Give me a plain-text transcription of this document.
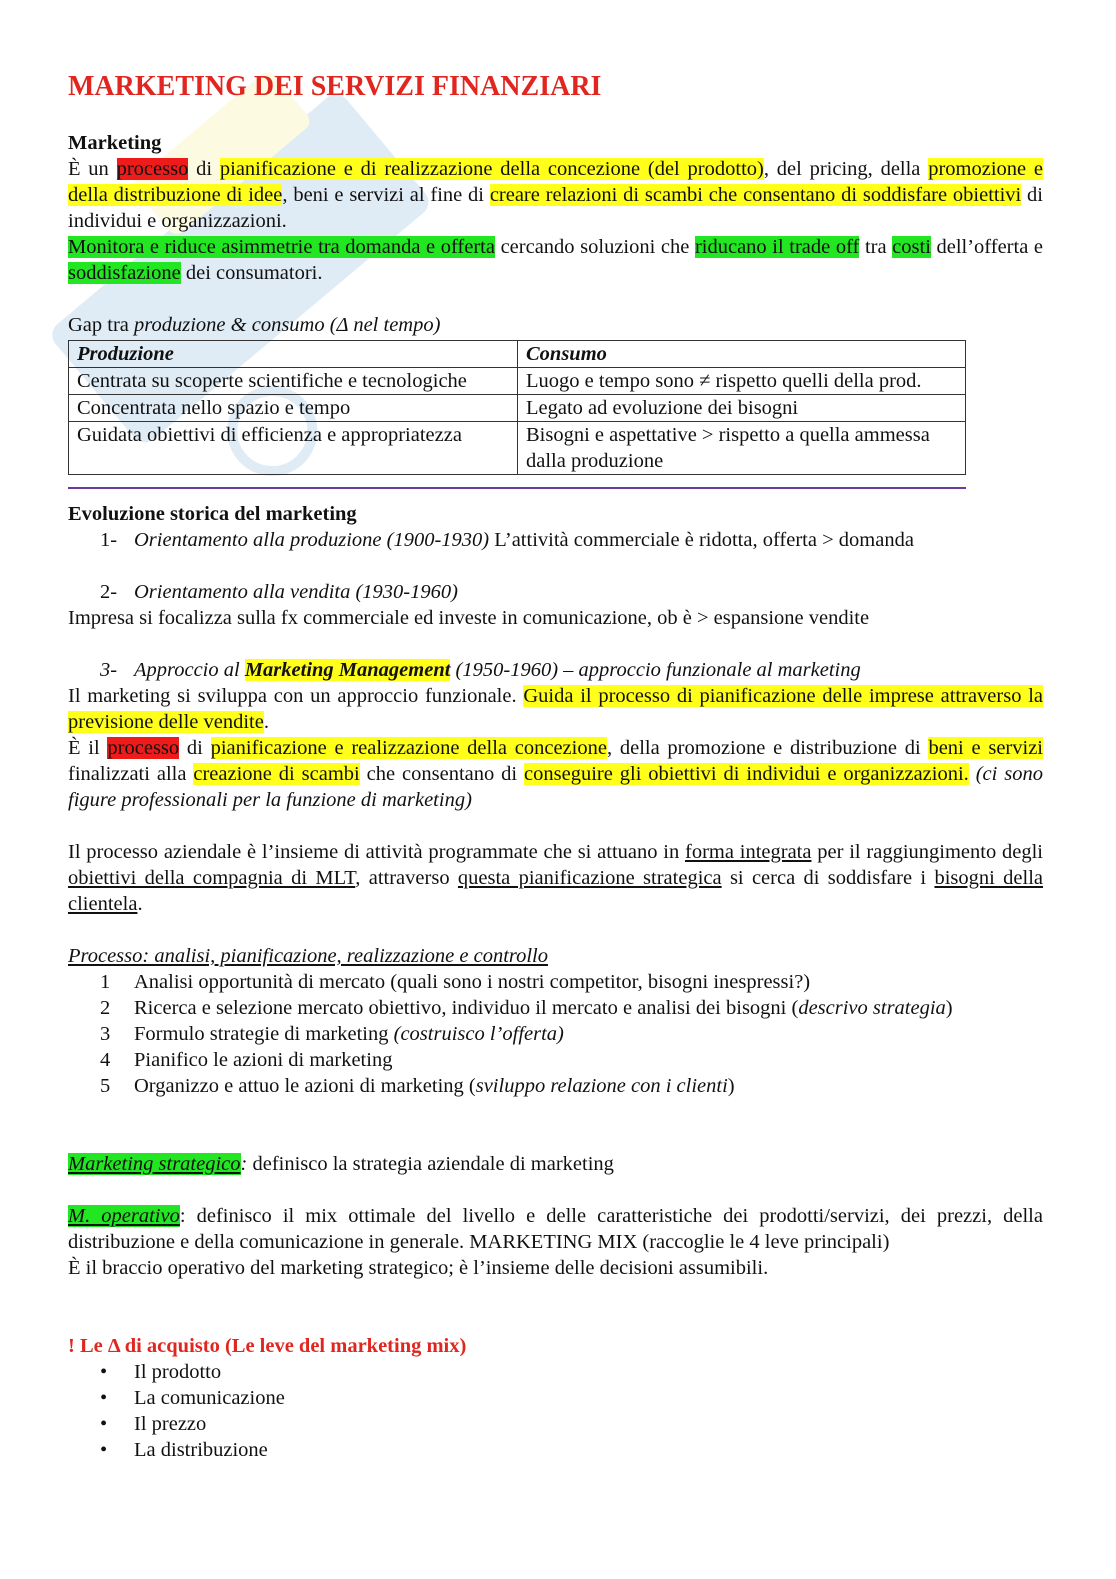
MARKETING DEI SERVIZI FINANZIARI
Marketing

È un processo di pianificazione e di realizzazione della concezione (del prodotto), del pricing, della promozione e della distribuzione di idee, beni e servizi al fine di creare relazioni di scambi che consentano di soddisfare obiettivi di individui e organizzazioni.

Monitora e riduce asimmetrie tra domanda e offerta cercando soluzioni che riducano il trade off tra costi dell’offerta e soddisfazione dei consumatori.

Gap tra produzione & consumo (Δ nel tempo)
Produzione	Consumo
Centrata su scoperte scientifiche e tecnologiche	Luogo e tempo sono ≠ rispetto quelli della prod.
Concentrata nello spazio e tempo	Legato ad evoluzione dei bisogni
Guidata obiettivi di efficienza e appropriatezza	Bisogni e aspettative > rispetto a quella ammessa dalla produzione
Evoluzione storica del marketing
1- Orientamento alla produzione (1900-1930) L’attività commerciale è ridotta, offerta > domanda
2- Orientamento alla vendita (1930-1960)

Impresa si focalizza sulla fx commerciale ed investe in comunicazione, ob è > espansione vendite

3- Approccio al Marketing Management (1950-1960) – approccio funzionale al marketing

Il marketing si sviluppa con un approccio funzionale. Guida il processo di pianificazione delle imprese attraverso la previsione delle vendite.

È il processo di pianificazione e realizzazione della concezione, della promozione e distribuzione di beni e servizi finalizzati alla creazione di scambi che consentano di conseguire gli obiettivi di individui e organizzazioni. (ci sono figure professionali per la funzione di marketing)

Il processo aziendale è l’insieme di attività programmate che si attuano in forma integrata per il raggiungimento degli obiettivi della compagnia di MLT, attraverso questa pianificazione strategica si cerca di soddisfare i bisogni della clientela.

Processo: analisi, pianificazione, realizzazione e controllo
1 Analisi opportunità di mercato (quali sono i nostri competitor, bisogni inespressi?)
2 Ricerca e selezione mercato obiettivo, individuo il mercato e analisi dei bisogni (descrivo strategia)
3 Formulo strategie di marketing (costruisco l’offerta)
4 Pianifico le azioni di marketing
5 Organizzo e attuo le azioni di marketing (sviluppo relazione con i clienti)

Marketing strategico: definisco la strategia aziendale di marketing

M. operativo: definisco il mix ottimale del livello e delle caratteristiche dei prodotti/servizi, dei prezzi, della distribuzione e della comunicazione in generale. MARKETING MIX (raccoglie le 4 leve principali)

È il braccio operativo del marketing strategico; è l’insieme delle decisioni assumibili.

! Le Δ di acquisto (Le leve del marketing mix)
• Il prodotto
• La comunicazione
• Il prezzo
• La distribuzione
